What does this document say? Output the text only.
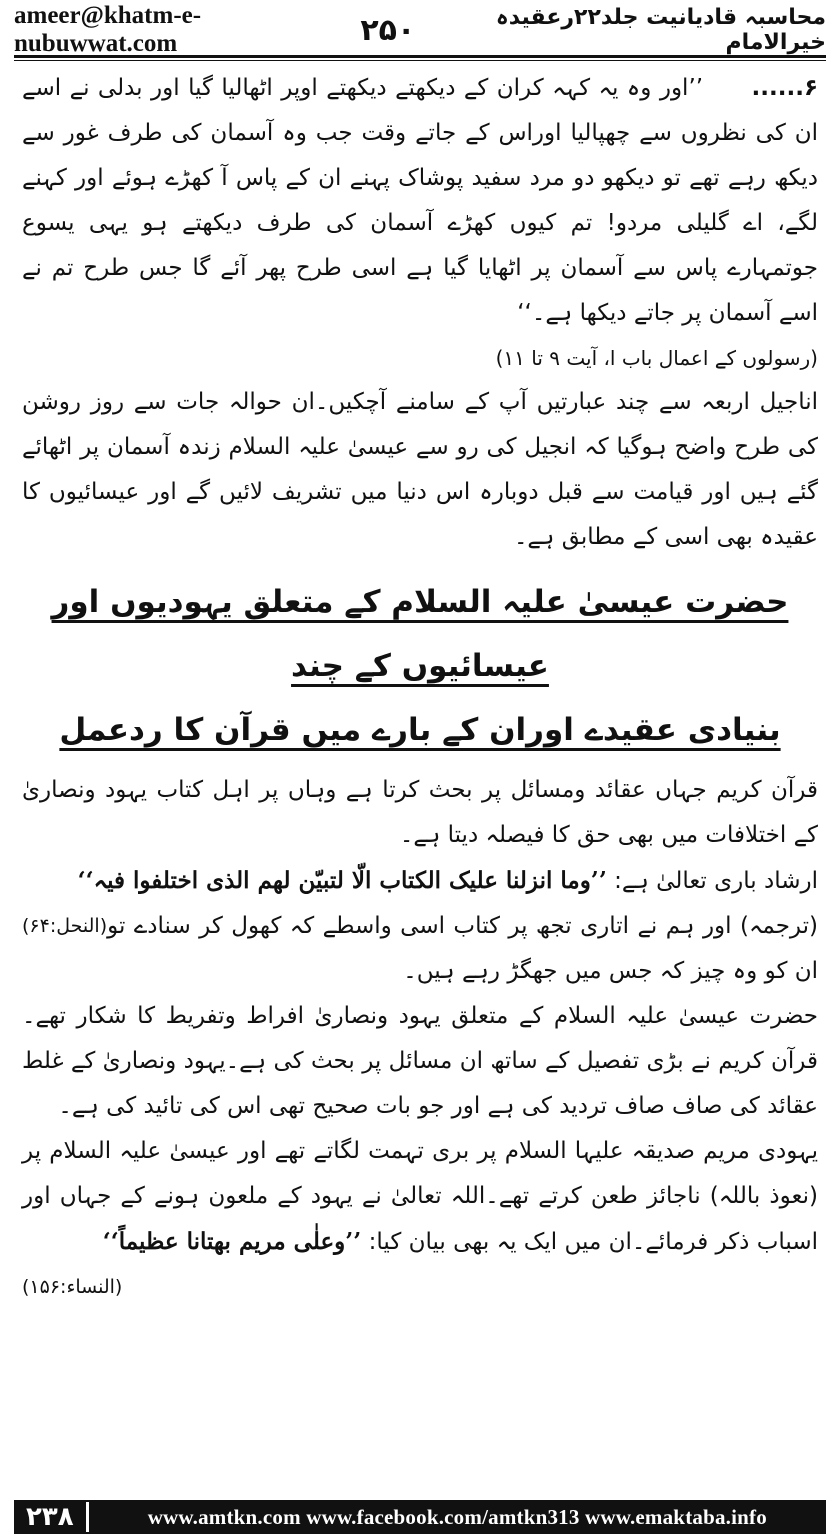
ameer@khatm-e-nubuwwat.com	۲۵۰	محاسبہ قادیانیت جلد۲۲رعقیدہ خیرالامام

۶...... ’’اور وہ یہ کہہ کران کے دیکھتے دیکھتے اوپر اٹھالیا گیا اور بدلی نے اسے ان کی نظروں سے چھپالیا اوراس کے جاتے وقت جب وہ آسمان کی طرف غور سے دیکھ رہے تھے تو دیکھو دو مرد سفید پوشاک پہنے ان کے پاس آ کھڑے ہوئے اور کہنے لگے، اے گلیلی مردو! تم کیوں کھڑے آسمان کی طرف دیکھتے ہو یہی یسوع جوتمہارے پاس سے آسمان پر اٹھایا گیا ہے اسی طرح پھر آئے گا جس طرح تم نے اسے آسمان پر جاتے دیکھا ہے۔‘‘

(رسولوں کے اعمال باب ا، آیت ۹ تا ۱۱)

اناجیل اربعہ سے چند عبارتیں آپ کے سامنے آچکیں۔ان حوالہ جات سے روز روشن کی طرح واضح ہوگیا کہ انجیل کی رو سے عیسیٰ علیہ السلام زندہ آسمان پر اٹھائے گئے ہیں اور قیامت سے قبل دوبارہ اس دنیا میں تشریف لائیں گے اور عیسائیوں کا عقیدہ بھی اسی کے مطابق ہے۔

حضرت عیسیٰ علیہ السلام کے متعلق یہودیوں اور عیسائیوں کے چند
بنیادی عقیدے اوران کے بارے میں قرآن کا ردعمل

قرآن کریم جہاں عقائد ومسائل پر بحث کرتا ہے وہاں پر اہل کتاب یہود ونصاریٰ کے اختلافات میں بھی حق کا فیصلہ دیتا ہے۔

ارشاد باری تعالیٰ ہے: ’’وما انزلنا علیک الکتاب الّا لتبیّن لھم الذی اختلفوا فیہ‘‘
(النحل:۶۴) (ترجمہ) اور ہم نے اتاری تجھ پر کتاب اسی واسطے کہ کھول کر سنادے تو ان کو وہ چیز کہ جس میں جھگڑ رہے ہیں۔

حضرت عیسیٰ علیہ السلام کے متعلق یہود ونصاریٰ افراط وتفریط کا شکار تھے۔قرآن کریم نے بڑی تفصیل کے ساتھ ان مسائل پر بحث کی ہے۔یہود ونصاریٰ کے غلط عقائد کی صاف صاف تردید کی ہے اور جو بات صحیح تھی اس کی تائید کی ہے۔

یہودی مریم صدیقہ علیہا السلام پر بری تہمت لگاتے تھے اور عیسیٰ علیہ السلام پر (نعوذ باللہ) ناجائز طعن کرتے تھے۔اللہ تعالیٰ نے یہود کے ملعون ہونے کے جہاں اور اسباب ذکر فرمائے۔ان میں ایک یہ بھی بیان کیا: ’’وعلٰی مریم بھتانا عظیماً‘‘
(النساء:۱۵۶)

۲۳۸	www.amtkn.com www.facebook.com/amtkn313 www.emaktaba.info
